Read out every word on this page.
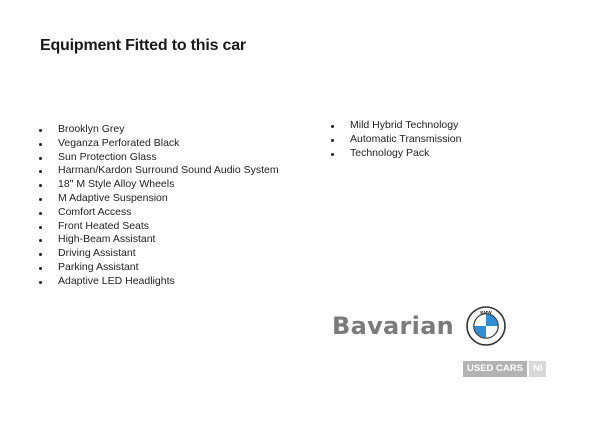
Equipment Fitted to this car
Brooklyn Grey
Veganza Perforated Black
Sun Protection Glass
Harman/Kardon Surround Sound Audio System
18" M Style Alloy Wheels
M Adaptive Suspension
Comfort Access
Front Heated Seats
High-Beam Assistant
Driving Assistant
Parking Assistant
Adaptive LED Headlights
Mild Hybrid Technology
Automatic Transmission
Technology Pack
Bavarian	BMW
USED CARS	NI
